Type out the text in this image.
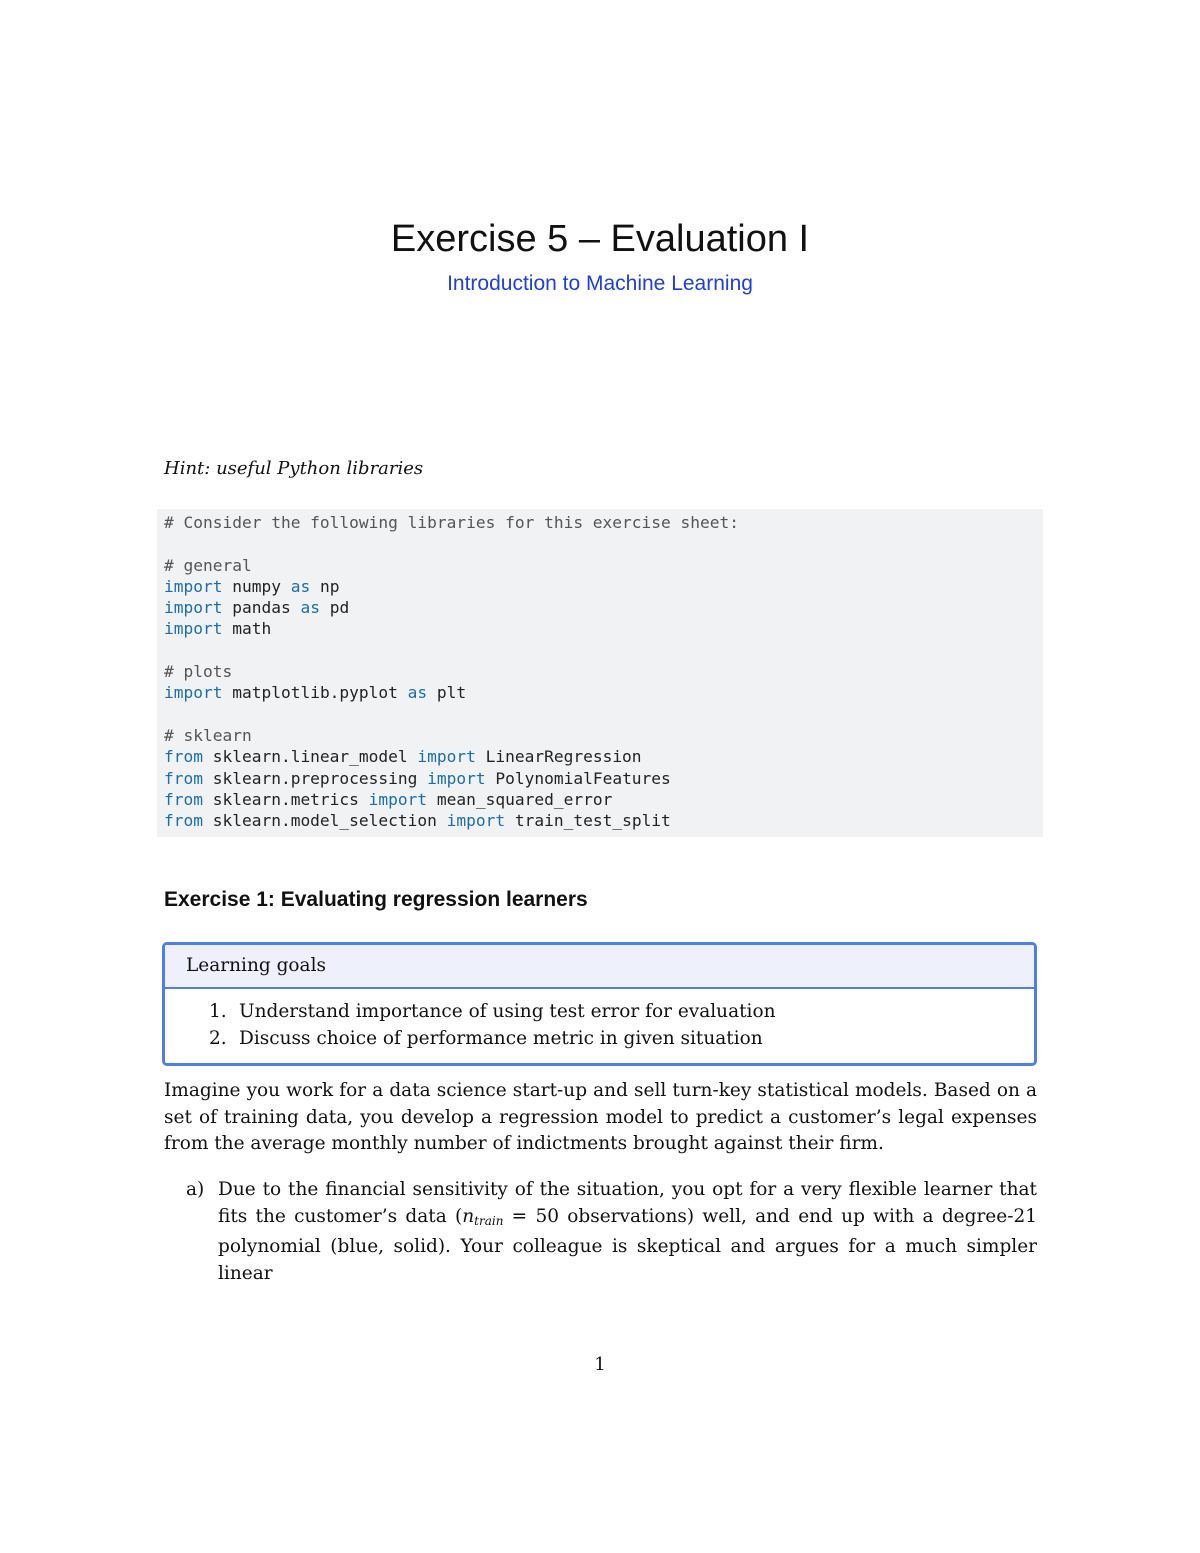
Exercise 5 – Evaluation I
Introduction to Machine Learning
Hint: useful Python libraries
# Consider the following libraries for this exercise sheet:
# general
import numpy as np
import pandas as pd
import math
# plots
import matplotlib.pyplot as plt
# sklearn
from sklearn.linear_model import LinearRegression
from sklearn.preprocessing import PolynomialFeatures
from sklearn.metrics import mean_squared_error
from sklearn.model_selection import train_test_split
Exercise 1: Evaluating regression learners
Learning goals
1. Understand importance of using test error for evaluation
2. Discuss choice of performance metric in given situation
Imagine you work for a data science start-up and sell turn-key statistical models. Based on a set of training data, you develop a regression model to predict a customer’s legal expenses from the average monthly number of indictments brought against their firm.
a) Due to the financial sensitivity of the situation, you opt for a very flexible learner that fits the customer’s data ($n_{train} = 50$ observations) well, and end up with a degree-21 polynomial (blue, solid). Your colleague is skeptical and argues for a much simpler linear
1
